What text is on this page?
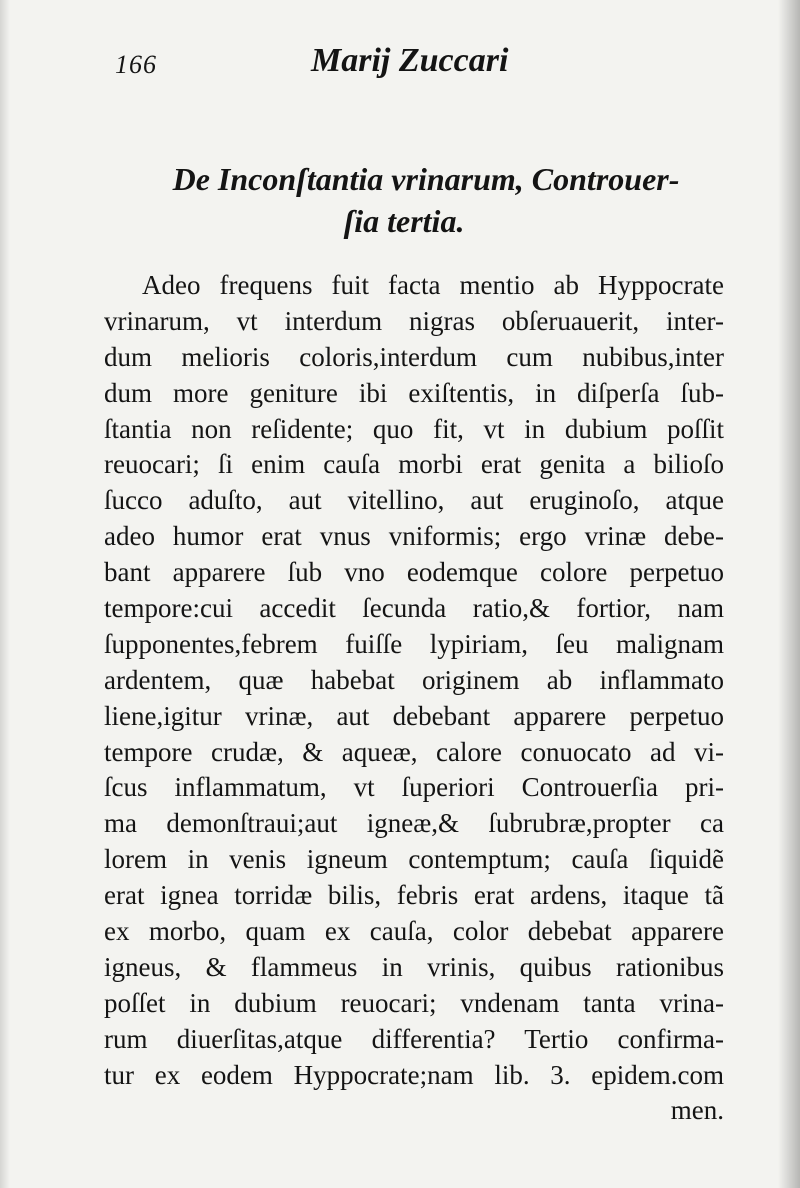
166	Marij Zuccari
De Inconſtantia vrinarum, Controuer-
ſia tertia.
Adeo frequens fuit facta mentio ab Hyppocrate
vrinarum, vt interdum nigras obſeruauerit, inter-
dum melioris coloris,interdum cum nubibus,inter
dum more geniture ibi exiſtentis, in diſperſa ſub-
ſtantia non reſidente; quo fit, vt in dubium poſſit
reuocari; ſi enim cauſa morbi erat genita a bilioſo
ſucco aduſto, aut vitellino, aut eruginoſo, atque
adeo humor erat vnus vniformis; ergo vrinæ debe-
bant apparere ſub vno eodemque colore perpetuo
tempore:cui accedit ſecunda ratio,& fortior, nam
ſupponentes,febrem fuiſſe lypiriam, ſeu malignam
ardentem, quæ habebat originem ab inflammato
liene,igitur vrinæ, aut debebant apparere perpetuo
tempore crudæ, & aqueæ, calore conuocato ad vi-
ſcus inflammatum, vt ſuperiori Controuerſia pri-
ma demonſtraui;aut igneæ,& ſubrubræ,propter ca
lorem in venis igneum contemptum; cauſa ſiquidẽ
erat ignea torridæ bilis, febris erat ardens, itaque tã
ex morbo, quam ex cauſa, color debebat apparere
igneus, & flammeus in vrinis, quibus rationibus
poſſet in dubium reuocari; vndenam tanta vrina-
rum diuerſitas,atque differentia? Tertio confirma-
tur ex eodem Hyppocrate;nam lib. 3. epidem.com
men.
